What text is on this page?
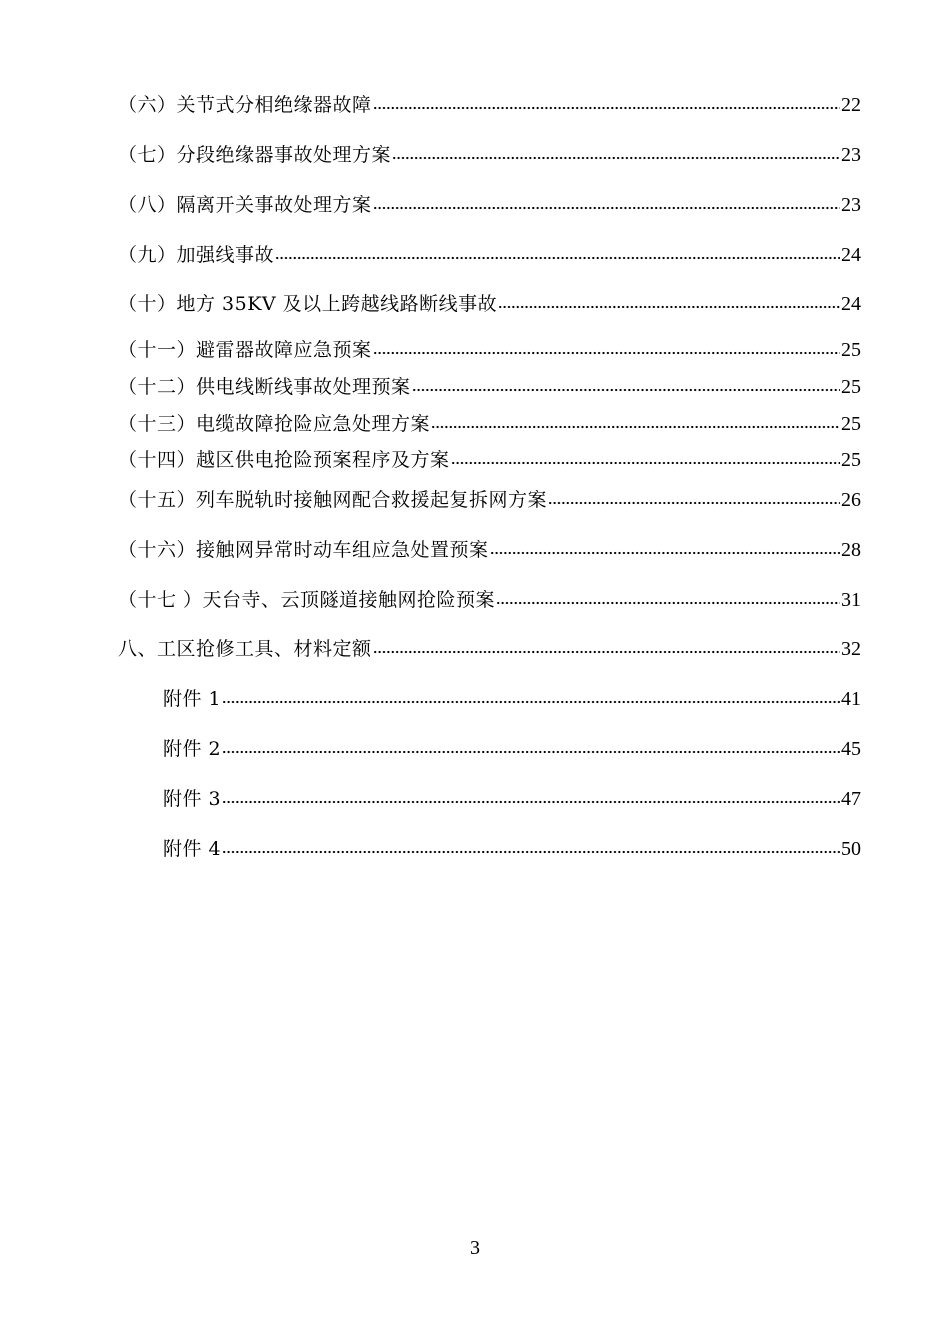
（六）关节式分相绝缘器故障	22
（七）分段绝缘器事故处理方案	23
（八）隔离开关事故处理方案	23
（九）加强线事故	24
（十）地方 35KV 及以上跨越线路断线事故	24
（十一）避雷器故障应急预案	25
（十二）供电线断线事故处理预案	25
（十三）电缆故障抢险应急处理方案	25
（十四）越区供电抢险预案程序及方案	25
（十五）列车脱轨时接触网配合救援起复拆网方案	26
（十六）接触网异常时动车组应急处置预案	28
（十七 ）天台寺、云顶隧道接触网抢险预案	31
八、工区抢修工具、材料定额	32
附件 1	41
附件 2	45
附件 3	47
附件 4	50
3
